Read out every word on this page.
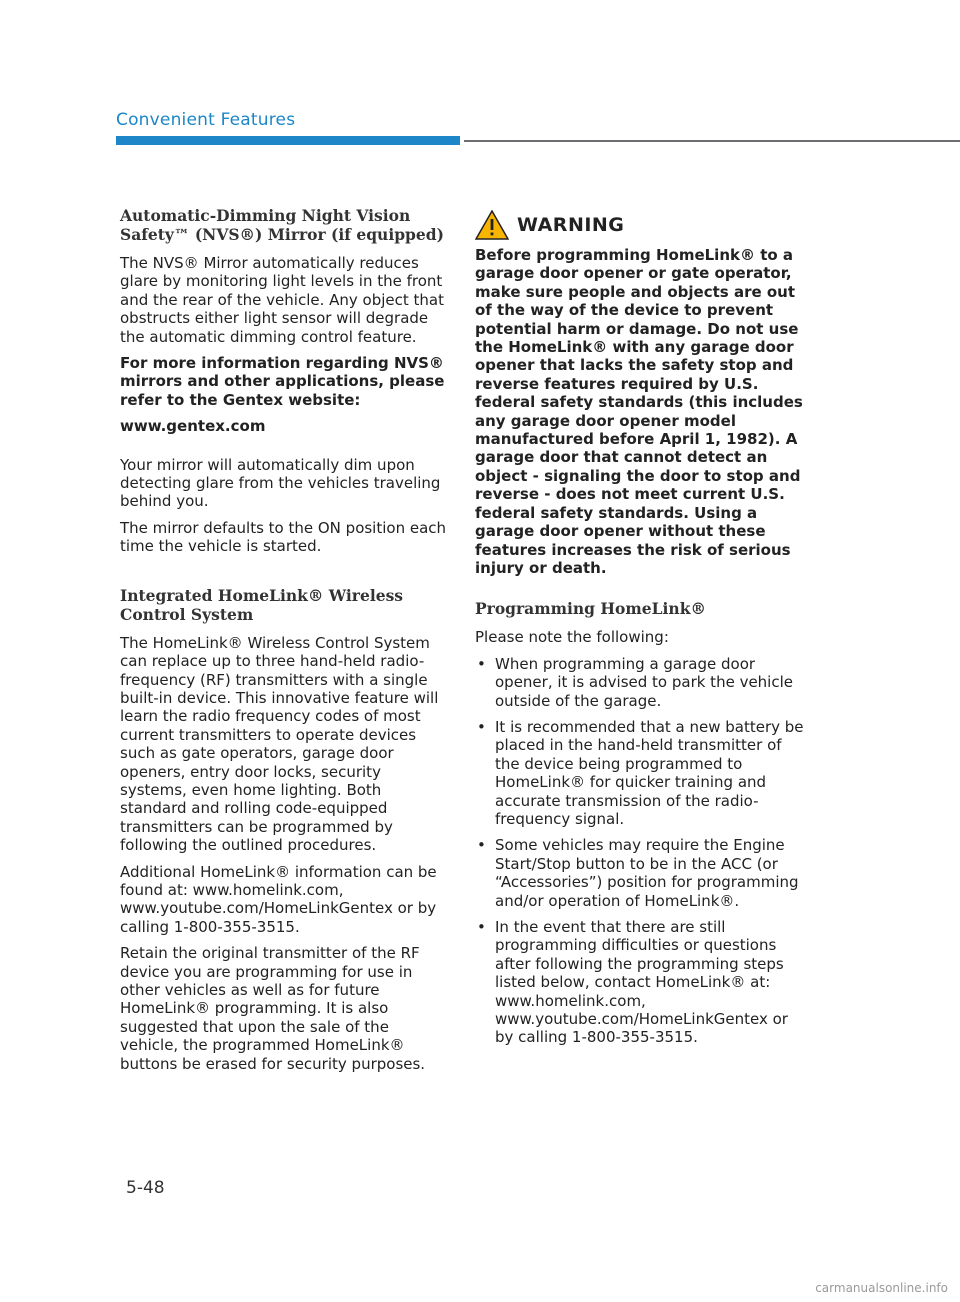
Convenient Features
Automatic-Dimming Night Vision Safety™ (NVS®) Mirror (if equipped)

The NVS® Mirror automatically reduces glare by monitoring light levels in the front and the rear of the vehicle. Any object that obstructs either light sensor will degrade the automatic dimming control feature.

For more information regarding NVS® mirrors and other applications, please refer to the Gentex website:

www.gentex.com

Your mirror will automatically dim upon detecting glare from the vehicles traveling behind you.

The mirror defaults to the ON position each time the vehicle is started.

Integrated HomeLink® Wireless Control System

The HomeLink® Wireless Control System can replace up to three hand-held radio-frequency (RF) transmitters with a single built-in device. This innovative feature will learn the radio frequency codes of most current transmitters to operate devices such as gate operators, garage door openers, entry door locks, security systems, even home lighting. Both standard and rolling code-equipped transmitters can be programmed by following the outlined procedures.

Additional HomeLink® information can be found at: www.homelink.com, www.youtube.com/HomeLinkGentex or by calling 1-800-355-3515.

Retain the original transmitter of the RF device you are programming for use in other vehicles as well as for future HomeLink® programming. It is also suggested that upon the sale of the vehicle, the programmed HomeLink® buttons be erased for security purposes.

WARNING
Before programming HomeLink® to a garage door opener or gate operator, make sure people and objects are out of the way of the device to prevent potential harm or damage. Do not use the HomeLink® with any garage door opener that lacks the safety stop and reverse features required by U.S. federal safety standards (this includes any garage door opener model manufactured before April 1, 1982). A garage door that cannot detect an object - signaling the door to stop and reverse - does not meet current U.S. federal safety standards. Using a garage door opener without these features increases the risk of serious injury or death.
Programming HomeLink®

Please note the following:

• When programming a garage door opener, it is advised to park the vehicle outside of the garage.
• It is recommended that a new battery be placed in the hand-held transmitter of the device being programmed to HomeLink® for quicker training and accurate transmission of the radio-frequency signal.
• Some vehicles may require the Engine Start/Stop button to be in the ACC (or “Accessories”) position for programming and/or operation of HomeLink®.
• In the event that there are still programming difficulties or questions after following the programming steps listed below, contact HomeLink® at: www.homelink.com, www.youtube.com/HomeLinkGentex or by calling 1-800-355-3515.
5-48
carmanualsonline.info
